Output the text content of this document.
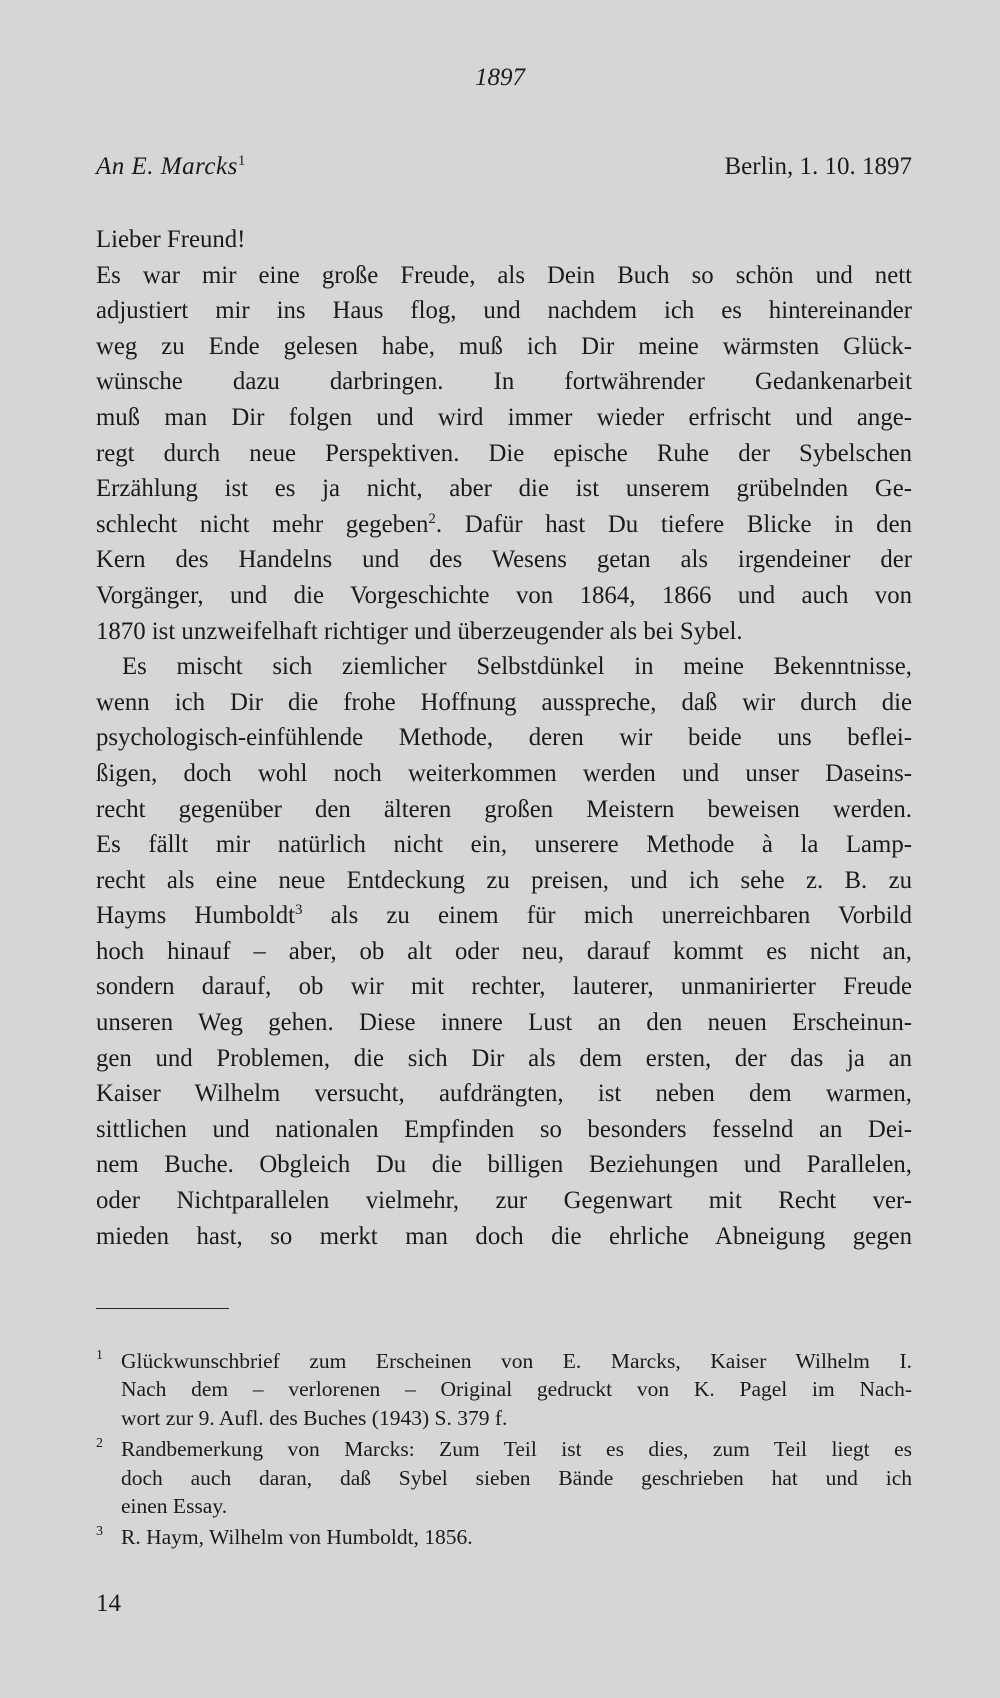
1897
An E. Marcks$^1$	Berlin, 1. 10. 1897
Lieber Freund!
Es war mir eine große Freude, als Dein Buch so schön und nett
adjustiert mir ins Haus flog, und nachdem ich es hintereinander
weg zu Ende gelesen habe, muß ich Dir meine wärmsten Glück-
wünsche dazu darbringen. In fortwährender Gedankenarbeit
muß man Dir folgen und wird immer wieder erfrischt und ange-
regt durch neue Perspektiven. Die epische Ruhe der Sybelschen
Erzählung ist es ja nicht, aber die ist unserem grübelnden Ge-
schlecht nicht mehr gegeben$^2$. Dafür hast Du tiefere Blicke in den
Kern des Handelns und des Wesens getan als irgendeiner der
Vorgänger, und die Vorgeschichte von 1864, 1866 und auch von
1870 ist unzweifelhaft richtiger und überzeugender als bei Sybel.
Es mischt sich ziemlicher Selbstdünkel in meine Bekenntnisse,
wenn ich Dir die frohe Hoffnung ausspreche, daß wir durch die
psychologisch-einfühlende Methode, deren wir beide uns beflei-
ßigen, doch wohl noch weiterkommen werden und unser Daseins-
recht gegenüber den älteren großen Meistern beweisen werden.
Es fällt mir natürlich nicht ein, unserere Methode à la Lamp-
recht als eine neue Entdeckung zu preisen, und ich sehe z. B. zu
Hayms Humboldt$^3$ als zu einem für mich unerreichbaren Vorbild
hoch hinauf – aber, ob alt oder neu, darauf kommt es nicht an,
sondern darauf, ob wir mit rechter, lauterer, unmanirierter Freude
unseren Weg gehen. Diese innere Lust an den neuen Erscheinun-
gen und Problemen, die sich Dir als dem ersten, der das ja an
Kaiser Wilhelm versucht, aufdrängten, ist neben dem warmen,
sittlichen und nationalen Empfinden so besonders fesselnd an Dei-
nem Buche. Obgleich Du die billigen Beziehungen und Parallelen,
oder Nichtparallelen vielmehr, zur Gegenwart mit Recht ver-
mieden hast, so merkt man doch die ehrliche Abneigung gegen
1 Glückwunschbrief zum Erscheinen von E. Marcks, Kaiser Wilhelm I.
Nach dem – verlorenen – Original gedruckt von K. Pagel im Nach-
wort zur 9. Aufl. des Buches (1943) S. 379 f.
2 Randbemerkung von Marcks: Zum Teil ist es dies, zum Teil liegt es
doch auch daran, daß Sybel sieben Bände geschrieben hat und ich
einen Essay.
3 R. Haym, Wilhelm von Humboldt, 1856.
14
